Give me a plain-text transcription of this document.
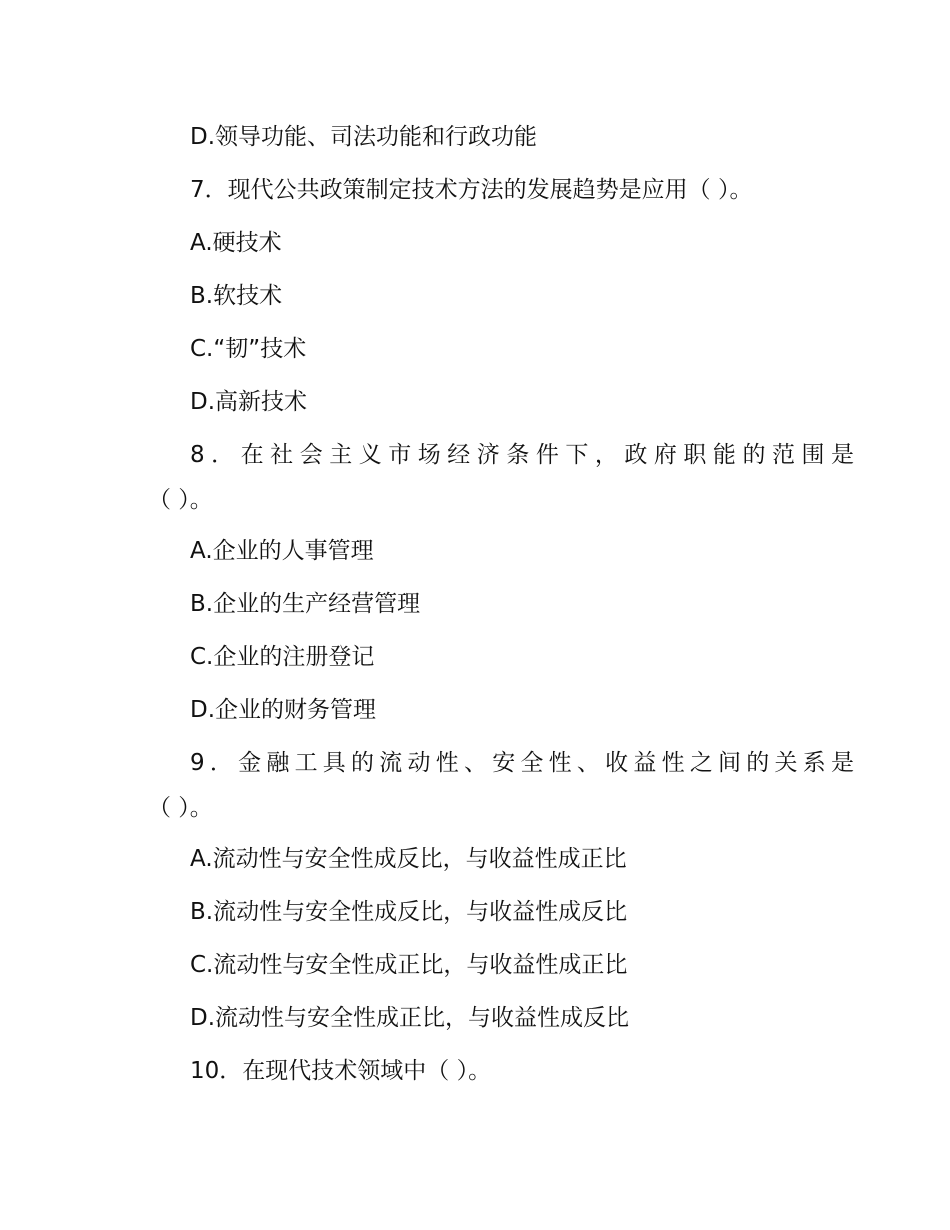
D.领导功能、司法功能和行政功能
7．现代公共政策制定技术方法的发展趋势是应用（ ）。
A.硬技术
B.软技术
C.“韧”技术
D.高新技术
8．在社会主义市场经济条件下，政府职能的范围是
（ ）。
A.企业的人事管理
B.企业的生产经营管理
C.企业的注册登记
D.企业的财务管理
9．金融工具的流动性、安全性、收益性之间的关系是
（ ）。
A.流动性与安全性成反比，与收益性成正比
B.流动性与安全性成反比，与收益性成反比
C.流动性与安全性成正比，与收益性成正比
D.流动性与安全性成正比，与收益性成反比
10．在现代技术领域中（ ）。
